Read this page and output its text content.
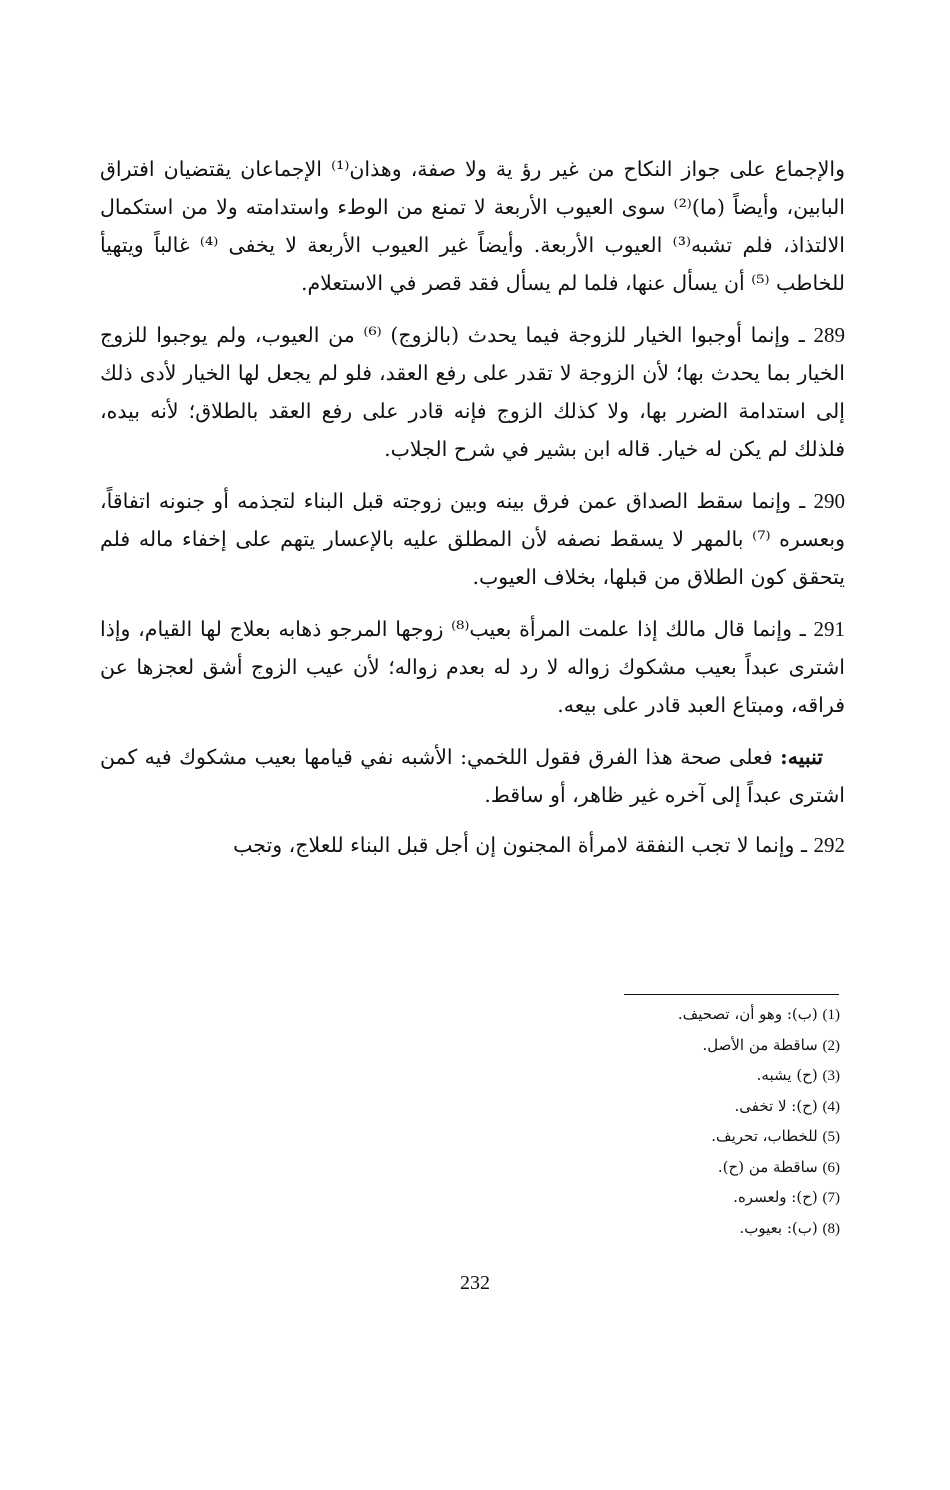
والإجماع على جواز النكاح من غير رؤ ية ولا صفة، وهذان⁽¹⁾ الإجماعان يقتضيان افتراق البابين، وأيضاً (ما)⁽²⁾ سوى العيوب الأربعة لا تمنع من الوطء واستدامته ولا من استكمال الالتذاذ، فلم تشبه⁽³⁾ العيوب الأربعة. وأيضاً غير العيوب الأربعة لا يخفى ⁽⁴⁾ غالباً ويتهيأ للخاطب ⁽⁵⁾ أن يسأل عنها، فلما لم يسأل فقد قصر في الاستعلام.

289 ـ وإنما أوجبوا الخيار للزوجة فيما يحدث (بالزوج) ⁽⁶⁾ من العيوب، ولم يوجبوا للزوج الخيار بما يحدث بها؛ لأن الزوجة لا تقدر على رفع العقد، فلو لم يجعل لها الخيار لأدى ذلك إلى استدامة الضرر بها، ولا كذلك الزوج فإنه قادر على رفع العقد بالطلاق؛ لأنه بيده، فلذلك لم يكن له خيار. قاله ابن بشير في شرح الجلاب.

290 ـ وإنما سقط الصداق عمن فرق بينه وبين زوجته قبل البناء لتجذمه أو جنونه اتفاقاً، وبعسره ⁽⁷⁾ بالمهر لا يسقط نصفه لأن المطلق عليه بالإعسار يتهم على إخفاء ماله فلم يتحقق كون الطلاق من قبلها، بخلاف العيوب.

291 ـ وإنما قال مالك إذا علمت المرأة بعيب⁽⁸⁾ زوجها المرجو ذهابه بعلاج لها القيام، وإذا اشترى عبداً بعيب مشكوك زواله لا رد له بعدم زواله؛ لأن عيب الزوج أشق لعجزها عن فراقه، ومبتاع العبد قادر على بيعه.

تنبيه: فعلى صحة هذا الفرق فقول اللخمي: الأشبه نفي قيامها بعيب مشكوك فيه كمن اشترى عبداً إلى آخره غير ظاهر، أو ساقط.

292 ـ وإنما لا تجب النفقة لامرأة المجنون إن أجل قبل البناء للعلاج، وتجب

(1) (ب): وهو أن، تصحيف.
(2) ساقطة من الأصل.
(3) (ح) يشبه.
(4) (ح): لا تخفى.
(5) للخطاب، تحريف.
(6) ساقطة من (ح).
(7) (ح): ولعسره.
(8) (ب): بعيوب.
232
